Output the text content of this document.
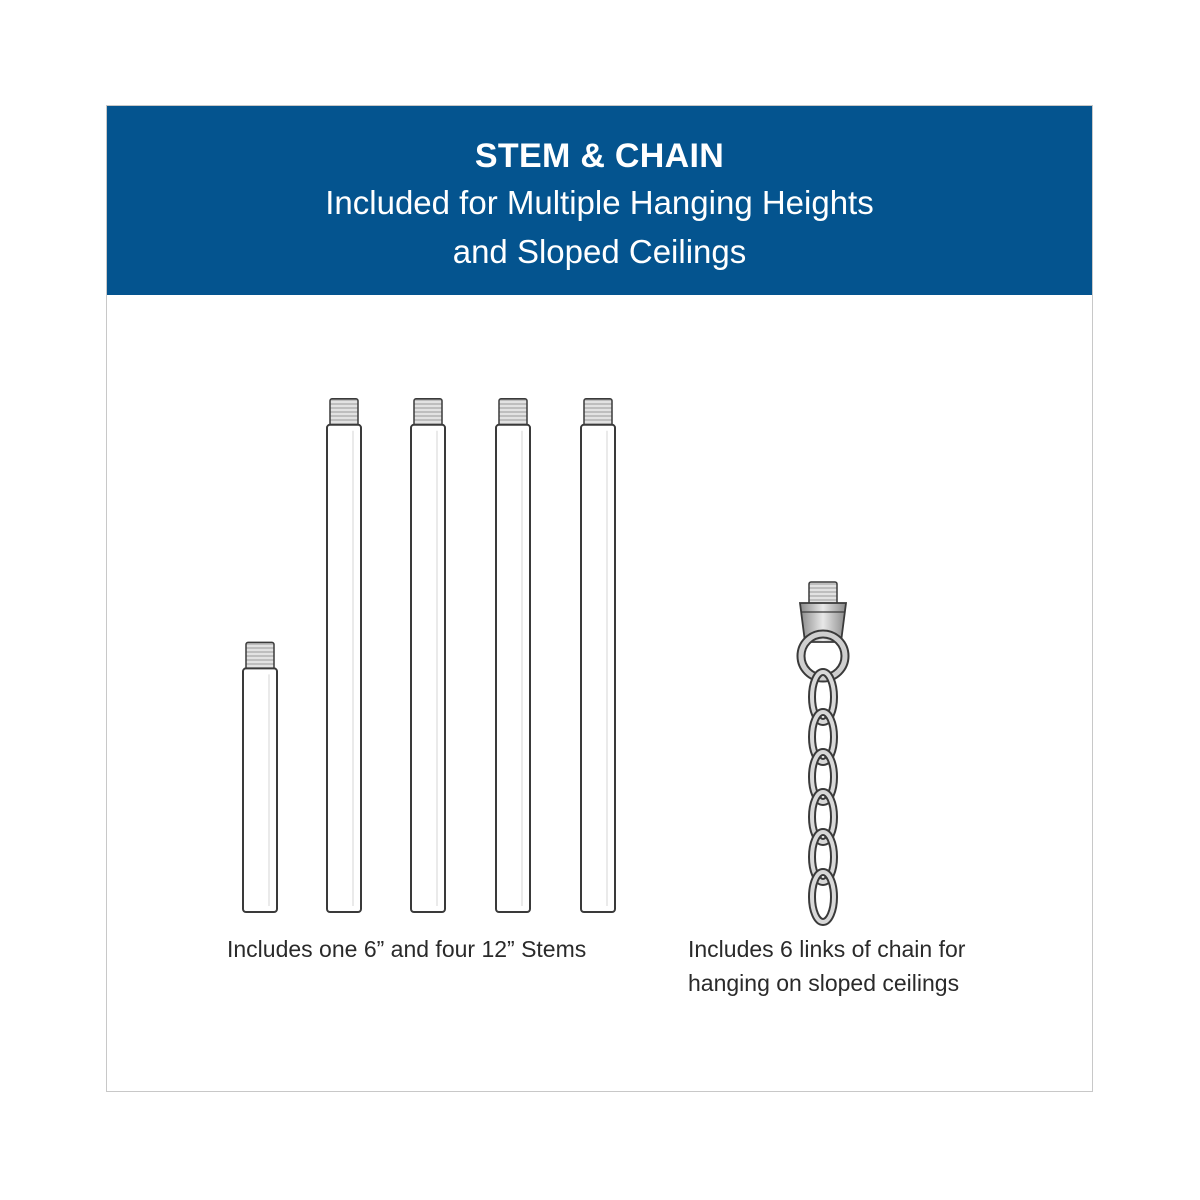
STEM & CHAIN
Included for Multiple Hanging Heights
and Sloped Ceilings
Includes one 6” and four 12” Stems	Includes 6 links of chain for
hanging on sloped ceilings
